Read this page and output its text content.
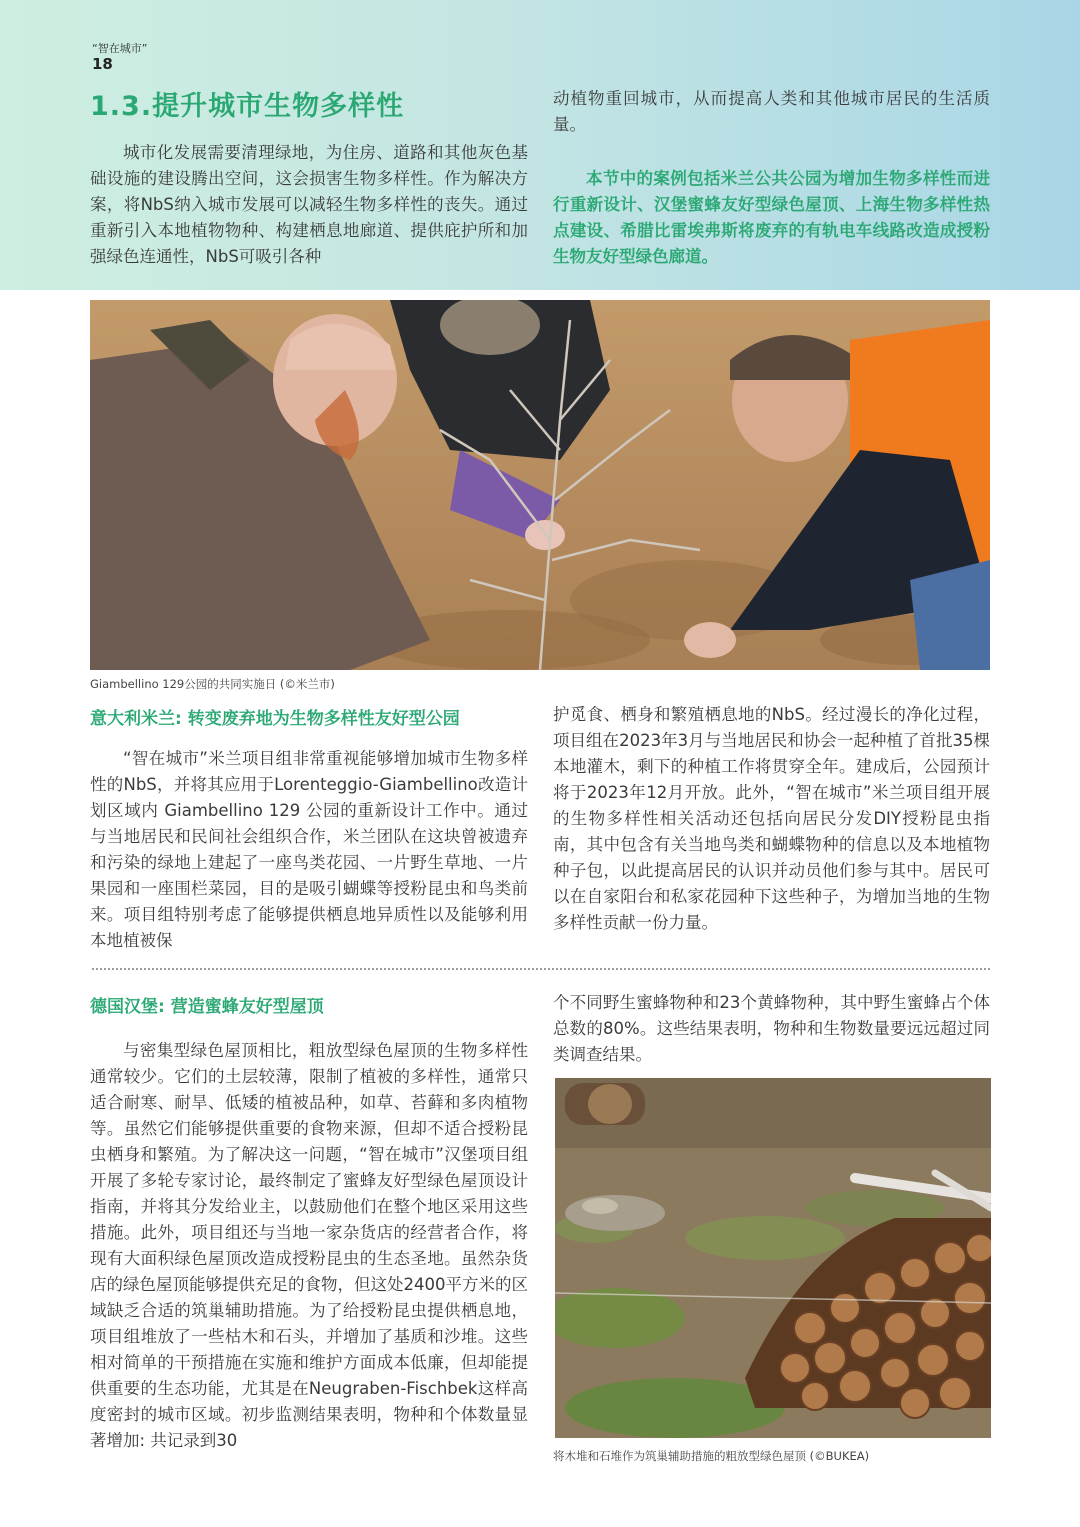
“智在城市”
18
1.3.提升城市生物多样性

城市化发展需要清理绿地，为住房、道路和其他灰色基础设施的建设腾出空间，这会损害生物多样性。作为解决方案，将NbS纳入城市发展可以减轻生物多样性的丧失。通过重新引入本地植物物种、构建栖息地廊道、提供庇护所和加强绿色连通性，NbS可吸引各种

动植物重回城市，从而提高人类和其他城市居民的生活质量。

本节中的案例包括米兰公共公园为增加生物多样性而进行重新设计、汉堡蜜蜂友好型绿色屋顶、上海生物多样性热点建设、希腊比雷埃弗斯将废弃的有轨电车线路改造成授粉生物友好型绿色廊道。

Giambellino 129公园的共同实施日 (©米兰市)
意大利米兰: 转变废弃地为生物多样性友好型公园

“智在城市”米兰项目组非常重视能够增加城市生物多样性的NbS，并将其应用于Lorenteggio-Giambellino改造计划区域内 Giambellino 129 公园的重新设计工作中。通过与当地居民和民间社会组织合作，米兰团队在这块曾被遗弃和污染的绿地上建起了一座鸟类花园、一片野生草地、一片果园和一座围栏菜园，目的是吸引蝴蝶等授粉昆虫和鸟类前来。项目组特别考虑了能够提供栖息地异质性以及能够利用本地植被保

护觅食、栖身和繁殖栖息地的NbS。经过漫长的净化过程，项目组在2023年3月与当地居民和协会一起种植了首批35棵本地灌木，剩下的种植工作将贯穿全年。建成后，公园预计将于2023年12月开放。此外，“智在城市”米兰项目组开展的生物多样性相关活动还包括向居民分发DIY授粉昆虫指南，其中包含有关当地鸟类和蝴蝶物种的信息以及本地植物种子包，以此提高居民的认识并动员他们参与其中。居民可以在自家阳台和私家花园种下这些种子，为增加当地的生物多样性贡献一份力量。

德国汉堡: 营造蜜蜂友好型屋顶

与密集型绿色屋顶相比，粗放型绿色屋顶的生物多样性通常较少。它们的土层较薄，限制了植被的多样性，通常只适合耐寒、耐旱、低矮的植被品种，如草、苔藓和多肉植物等。虽然它们能够提供重要的食物来源，但却不适合授粉昆虫栖身和繁殖。为了解决这一问题，“智在城市”汉堡项目组开展了多轮专家讨论，最终制定了蜜蜂友好型绿色屋顶设计指南，并将其分发给业主，以鼓励他们在整个地区采用这些措施。此外，项目组还与当地一家杂货店的经营者合作，将现有大面积绿色屋顶改造成授粉昆虫的生态圣地。虽然杂货店的绿色屋顶能够提供充足的食物，但这处2400平方米的区域缺乏合适的筑巢辅助措施。为了给授粉昆虫提供栖息地，项目组堆放了一些枯木和石头，并增加了基质和沙堆。这些相对简单的干预措施在实施和维护方面成本低廉，但却能提供重要的生态功能，尤其是在Neugraben-Fischbek这样高度密封的城市区域。初步监测结果表明，物种和个体数量显著增加: 共记录到30

个不同野生蜜蜂物种和23个黄蜂物种，其中野生蜜蜂占个体总数的80%。这些结果表明，物种和生物数量要远远超过同类调查结果。

将木堆和石堆作为筑巢辅助措施的粗放型绿色屋顶 (©BUKEA)
